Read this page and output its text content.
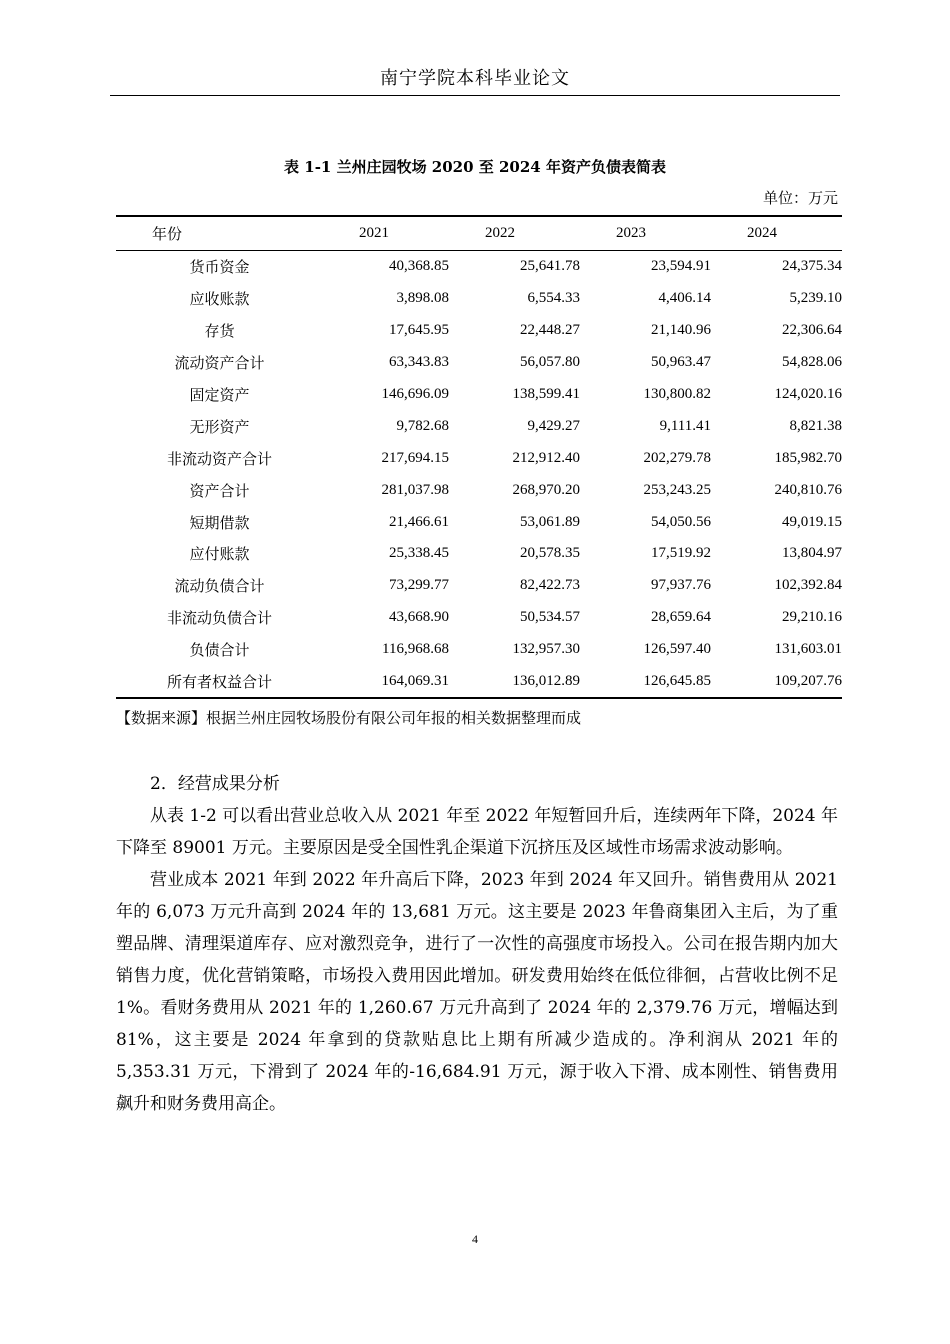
南宁学院本科毕业论文
表 1-1 兰州庄园牧场 2020 至 2024 年资产负债表简表
单位：万元
年份	2021	2022	2023	2024
货币资金	40,368.85	25,641.78	23,594.91	24,375.34
应收账款	3,898.08	6,554.33	4,406.14	5,239.10
存货	17,645.95	22,448.27	21,140.96	22,306.64
流动资产合计	63,343.83	56,057.80	50,963.47	54,828.06
固定资产	146,696.09	138,599.41	130,800.82	124,020.16
无形资产	9,782.68	9,429.27	9,111.41	8,821.38
非流动资产合计	217,694.15	212,912.40	202,279.78	185,982.70
资产合计	281,037.98	268,970.20	253,243.25	240,810.76
短期借款	21,466.61	53,061.89	54,050.56	49,019.15
应付账款	25,338.45	20,578.35	17,519.92	13,804.97
流动负债合计	73,299.77	82,422.73	97,937.76	102,392.84
非流动负债合计	43,668.90	50,534.57	28,659.64	29,210.16
负债合计	116,968.68	132,957.30	126,597.40	131,603.01
所有者权益合计	164,069.31	136,012.89	126,645.85	109,207.76
【数据来源】根据兰州庄园牧场股份有限公司年报的相关数据整理而成
2．经营成果分析

从表 1-2 可以看出营业总收入从 2021 年至 2022 年短暂回升后，连续两年下降，2024 年下降至 89001 万元。主要原因是受全国性乳企渠道下沉挤压及区域性市场需求波动影响。

营业成本 2021 年到 2022 年升高后下降，2023 年到 2024 年又回升。销售费用从 2021 年的 6,073 万元升高到 2024 年的 13,681 万元。这主要是 2023 年鲁商集团入主后，为了重塑品牌、清理渠道库存、应对激烈竞争，进行了一次性的高强度市场投入。公司在报告期内加大销售力度，优化营销策略，市场投入费用因此增加。研发费用始终在低位徘徊，占营收比例不足 1%。看财务费用从 2021 年的 1,260.67 万元升高到了 2024 年的 2,379.76 万元，增幅达到 81%，这主要是 2024 年拿到的贷款贴息比上期有所减少造成的。净利润从 2021 年的 5,353.31 万元，下滑到了 2024 年的-16,684.91 万元，源于收入下滑、成本刚性、销售费用飙升和财务费用高企。

4
